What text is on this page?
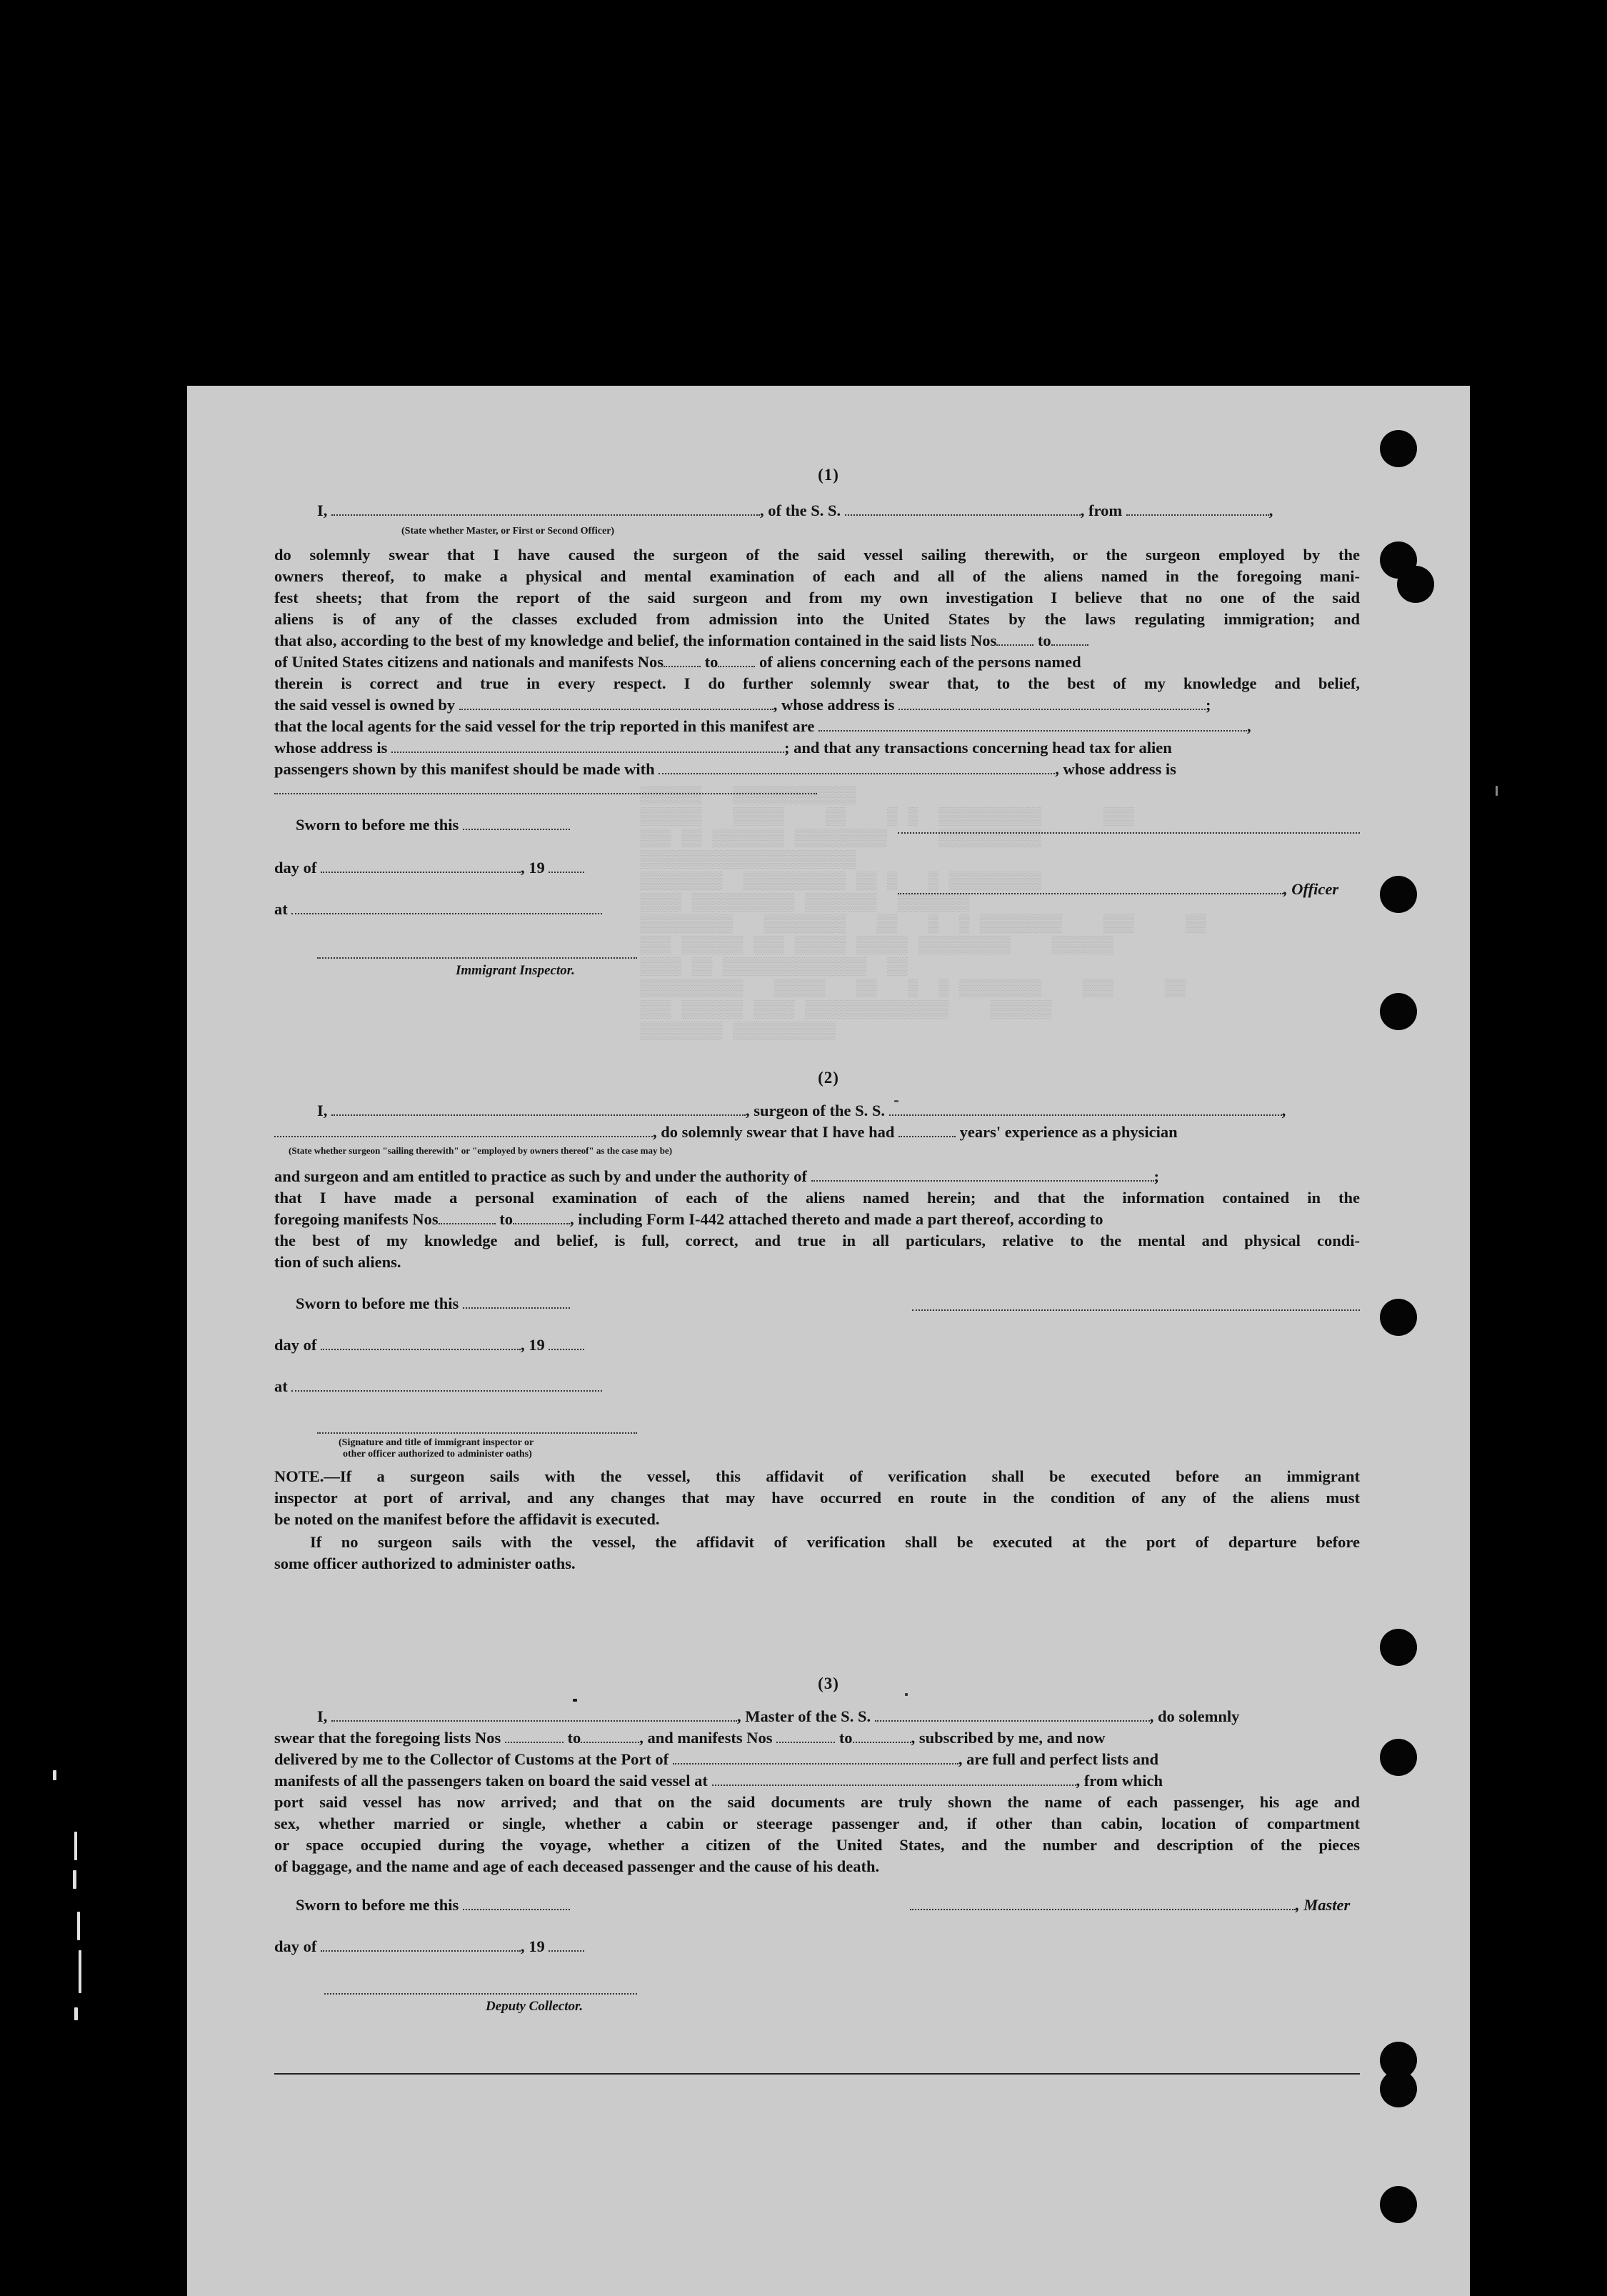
▒▒▒▒▒▒   ▒▒▒▒▒▒▒▒▒▒▒▒
▒▒▒▒▒▒   ▒▒▒▒▒    ▒▒    ▒ ▒  ▒▒▒▒▒▒▒▒▒▒      ▒▒▒
▒▒▒ ▒▒ ▒▒▒▒▒▒▒ ▒▒▒▒▒▒▒▒▒     ▒▒▒▒▒▒▒▒▒▒
▒▒▒▒▒▒▒▒▒▒▒▒▒▒▒▒▒▒▒▒▒
▒▒▒▒▒▒▒▒  ▒▒▒▒▒▒▒▒▒▒ ▒▒ ▒   ▒ ▒▒▒▒▒▒▒▒▒
▒▒▒▒ ▒▒▒▒▒▒▒▒▒▒ ▒▒▒▒▒▒▒  ▒▒▒▒▒▒▒
▒▒▒▒▒▒▒▒▒   ▒▒▒▒▒▒▒▒   ▒▒   ▒  ▒ ▒▒▒▒▒▒▒▒    ▒▒▒     ▒▒
▒▒▒ ▒▒▒▒▒▒ ▒▒▒ ▒▒▒▒▒ ▒▒▒▒▒ ▒▒▒▒▒▒▒▒▒    ▒▒▒▒▒▒
▒▒▒▒ ▒▒ ▒▒▒▒▒▒▒▒▒▒▒▒▒▒  ▒▒
▒▒▒▒▒▒▒▒▒▒   ▒▒▒▒▒   ▒▒   ▒  ▒ ▒▒▒▒▒▒▒▒    ▒▒▒     ▒▒
▒▒▒ ▒▒▒▒▒▒ ▒▒▒▒ ▒▒▒▒▒▒▒▒▒▒▒▒▒▒    ▒▒▒▒▒▒
▒▒▒▒▒▒▒▒ ▒▒▒▒▒▒▒▒▒▒
(1)
I,	, of the S. S.	, from	,
(State whether Master, or First or Second Officer)
do solemnly swear that I have caused the surgeon of the said vessel sailing therewith, or the surgeon employed by the
owners thereof, to make a physical and mental examination of each and all of the aliens named in the foregoing mani-
fest sheets; that from the report of the said surgeon and from my own investigation I believe that no one of the said
aliens is of any of the classes excluded from admission into the United States by the laws regulating immigration; and
that also, according to the best of my knowledge and belief, the information contained in the said lists Nos	to
of United States citizens and nationals and manifests Nos	to	of aliens concerning each of the persons named
therein is correct and true in every respect. I do further solemnly swear that, to the best of my knowledge and belief,
the said vessel is owned by	, whose address is	;
that the local agents for the said vessel for the trip reported in this manifest are	,
whose address is	; and that any transactions concerning head tax for alien
passengers shown by this manifest should be made with	, whose address is
Sworn to before me this
day of	, 19
, Officer
at
Immigrant Inspector.
(2)
I,	, surgeon of the S. S.	,
, do solemnly swear that I have had	years' experience as a physician
(State whether surgeon "sailing therewith" or "employed by owners thereof" as the case may be)
and surgeon and am entitled to practice as such by and under the authority of	;
that I have made a personal examination of each of the aliens named herein; and that the information contained in the
foregoing manifests Nos	to	, including Form I-442 attached thereto and made a part thereof, according to
the best of my knowledge and belief, is full, correct, and true in all particulars, relative to the mental and physical condi-
tion of such aliens.
Sworn to before me this
day of	, 19
at
(Signature and title of immigrant inspector or
other officer authorized to administer oaths)
NOTE.—If a surgeon sails with the vessel, this affidavit of verification shall be executed before an immigrant
inspector at port of arrival, and any changes that may have occurred en route in the condition of any of the aliens must
be noted on the manifest before the affidavit is executed.
If no surgeon sails with the vessel, the affidavit of verification shall be executed at the port of departure before
some officer authorized to administer oaths.
(3)
I,	, Master of the S. S.	, do solemnly
swear that the foregoing lists Nos	to	, and manifests Nos	to	, subscribed by me, and now
delivered by me to the Collector of Customs at the Port of	, are full and perfect lists and
manifests of all the passengers taken on board the said vessel at	, from which
port said vessel has now arrived; and that on the said documents are truly shown the name of each passenger, his age and
sex, whether married or single, whether a cabin or steerage passenger and, if other than cabin, location of compartment
or space occupied during the voyage, whether a citizen of the United States, and the number and description of the pieces
of baggage, and the name and age of each deceased passenger and the cause of his death.
Sworn to before me this	, Master
day of	, 19
Deputy Collector.
